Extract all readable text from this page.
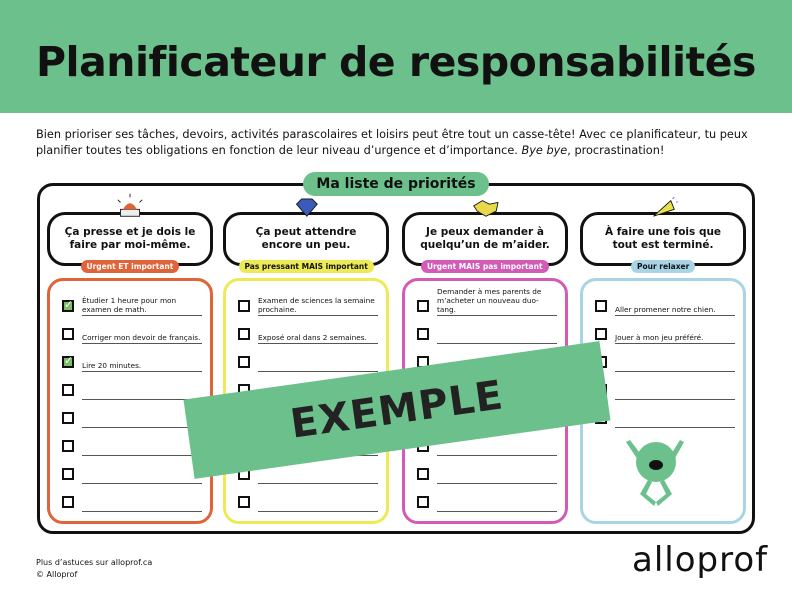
Planificateur de responsabilités

Bien prioriser ses tâches, devoirs, activités parascolaires et loisirs peut être tout un casse-tête! Avec ce planificateur, tu peux planifier toutes tes obligations en fonction de leur niveau d’urgence et d’importance. Bye bye, procrastination!

Ma liste de priorités
Ça presse et je dois le faire par moi-même.
✓
Étudier 1 heure pour mon examen de math.
Corriger mon devoir de français.
✓
Lire 20 minutes.
Urgent ET important
Ça peut attendre encore un peu.
Examen de sciences la semaine prochaine.
Exposé oral dans 2 semaines.
Pas pressant MAIS important
Je peux demander à quelqu’un de m’aider.
Demander à mes parents de m’acheter un nouveau duo-tang.
Urgent MAIS pas important
À faire une fois que tout est terminé.
Aller promener notre chien.
Jouer à mon jeu préféré.
Pour relaxer
EXEMPLE
Plus d’astuces sur alloprof.ca
© Alloprof	alloprof
